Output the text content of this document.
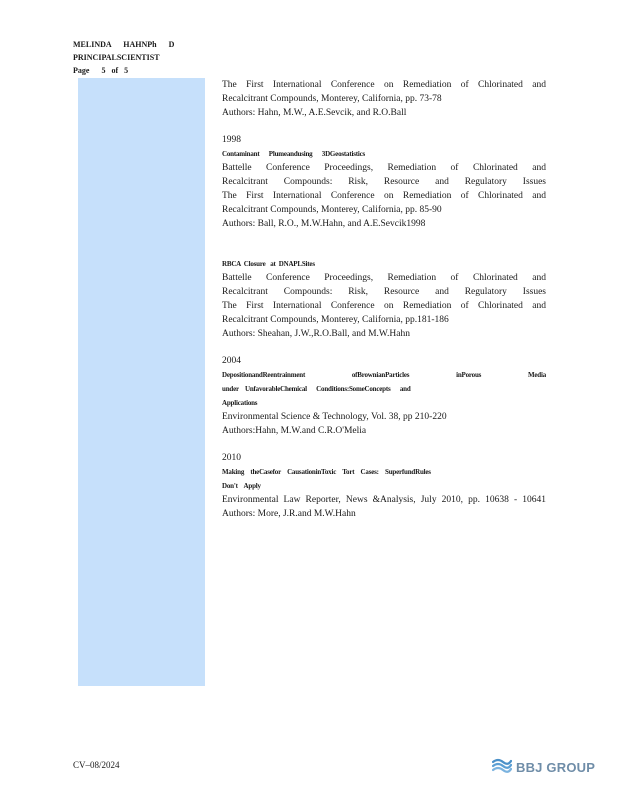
MELINDA      HAHNPh      D
PRINCIPALSCIENTIST
Page      5   of   5
The First International Conference on Remediation of Chlorinated and
Recalcitrant Compounds, Monterey, California, pp. 73-78
Authors: Hahn, M.W., A.E.Sevcik, and R.O.Ball
1998
Contaminant      Plumeandusing      3DGeostatistics
Battelle Conference Proceedings, Remediation of Chlorinated and
Recalcitrant Compounds: Risk, Resource and Regulatory Issues
The First International Conference on Remediation of Chlorinated and
Recalcitrant Compounds, Monterey, California, pp. 85-90
Authors: Ball, R.O., M.W.Hahn, and A.E.Sevcik1998
RBCA  Closure   at  DNAPLSites
Battelle Conference Proceedings, Remediation of Chlorinated and
Recalcitrant Compounds: Risk, Resource and Regulatory Issues
The First International Conference on Remediation of Chlorinated and
Recalcitrant Compounds, Monterey, California, pp.181-186
Authors: Sheahan, J.W.,R.O.Ball, and M.W.Hahn
2004
DepositionandReentrainment      ofBrownianParticles      inPorous      Media
under    UnfavorableChemical      Conditions:SomeConcepts      and
Applications
Environmental Science & Technology, Vol. 38, pp 210-220
Authors:Hahn, M.W.and C.R.O'Melia
2010
Making    theCasefor    CausationinToxic    Tort    Cases:    SuperfundRules
Don't    Apply
Environmental Law Reporter, News &Analysis, July 2010, pp. 10638 - 10641
Authors: More, J.R.and M.W.Hahn
CV–08/2024	BBJ GROUP
